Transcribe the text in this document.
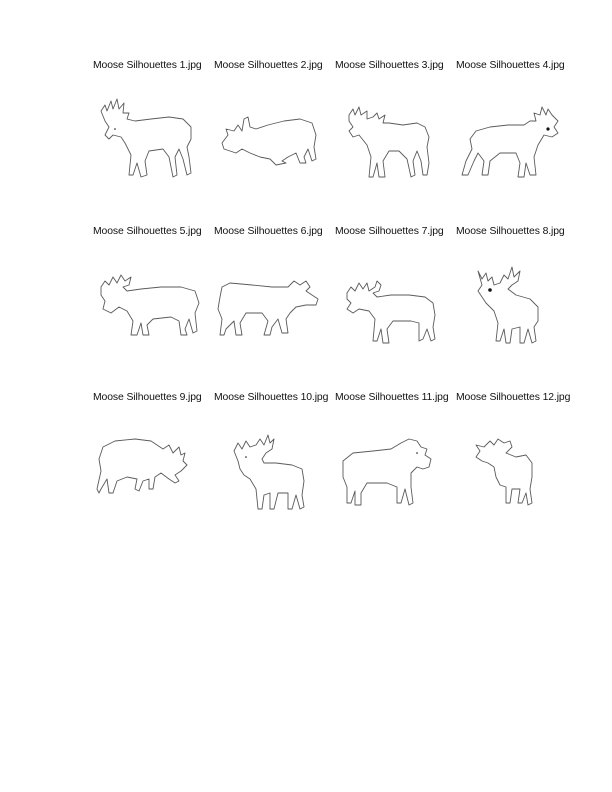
Moose Silhouettes 1.jpg	Moose Silhouettes 2.jpg	Moose Silhouettes 3.jpg	Moose Silhouettes 4.jpg
Moose Silhouettes 5.jpg	Moose Silhouettes 6.jpg	Moose Silhouettes 7.jpg	Moose Silhouettes 8.jpg
Moose Silhouettes 9.jpg	Moose Silhouettes 10.jpg Moose Silhouettes 11.jpg Moose Silhouettes 12.jpg
